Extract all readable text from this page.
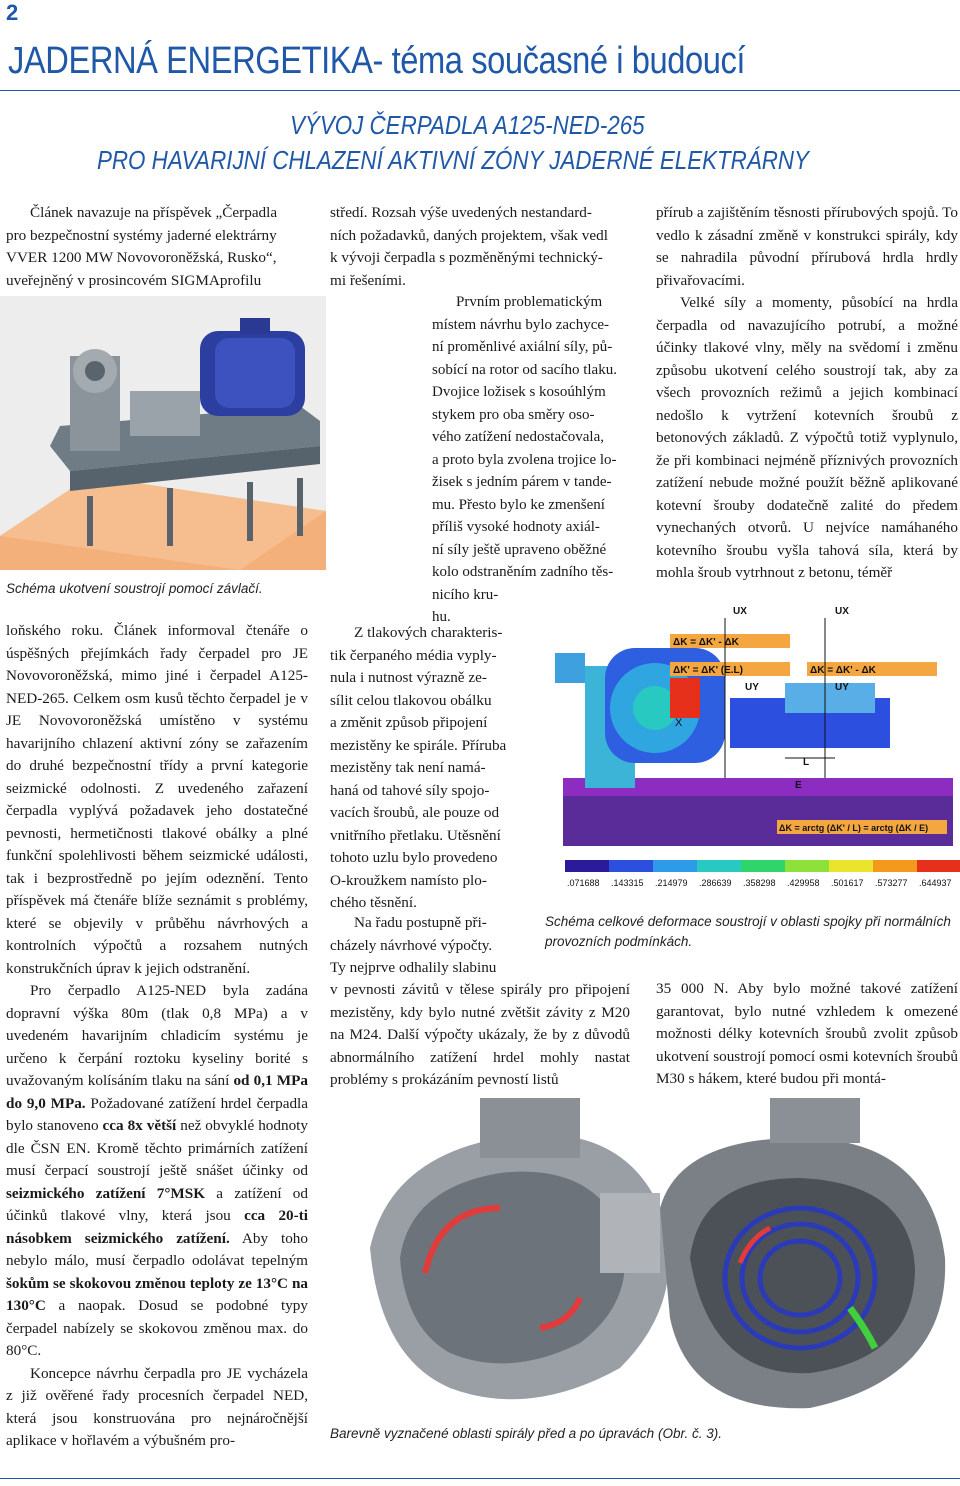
2
JADERNÁ ENERGETIKA- téma současné i budoucí
VÝVOJ ČERPADLA A125-NED-265
PRO HAVARIJNÍ CHLAZENÍ AKTIVNÍ ZÓNY JADERNÉ ELEKTRÁRNY
Článek navazuje na příspěvek „Čerpadla
pro bezpečnostní systémy jaderné elektrárny
VVER 1200 MW Novovoroněžská, Rusko“,
uveřejněný v prosincovém SIGMAprofilu
Schéma ukotvení soustrojí pomocí závlačí.

loňského roku. Článek informoval čtenáře o úspěšných přejímkách řady čerpadel pro JE Novovoroněžská, mimo jiné i čerpadel A125-NED-265. Celkem osm kusů těchto čerpadel je v JE Novovoroněžská umístěno v systému havarijního chlazení aktivní zóny se zařazením do druhé bezpečnostní třídy a první kategorie seizmické odolnosti. Z uvedeného zařazení čerpadla vyplývá požadavek jeho dostatečné pevnosti, hermetičnosti tlakové obálky a plné funkční spolehlivosti během seizmické události, tak i bezprostředně po jejím odeznění. Tento příspěvek má čtenáře blíže seznámit s problémy, které se objevily v průběhu návrhových a kontrolních výpočtů a rozsahem nutných konstrukčních úprav k jejich odstranění.

Pro čerpadlo A125-NED byla zadána dopravní výška 80m (tlak 0,8 MPa) a v uvedeném havarijním chladicím systému je určeno k čerpání roztoku kyseliny borité s uvažovaným kolísáním tlaku na sání od 0,1 MPa do 9,0 MPa. Požadované zatížení hrdel čerpadla bylo stanoveno cca 8x větší než obvyklé hodnoty dle ČSN EN. Kromě těchto primárních zatížení musí čerpací soustrojí ještě snášet účinky od seizmického zatížení 7°MSK a zatížení od účinků tlakové vlny, která jsou cca 20-ti násobkem seizmického zatížení. Aby toho nebylo málo, musí čerpadlo odolávat tepelným šokům se skokovou změnou teploty ze 13°C na 130°C a naopak. Dosud se podobné typy čerpadel nabízely se skokovou změnou max. do 80°C.

Koncepce návrhu čerpadla pro JE vycházela z již ověřené řady procesních čerpadel NED, která jsou konstruována pro nejnáročnější aplikace v hořlavém a výbušném pro-

středí. Rozsah výše uvedených nestandard-
ních požadavků, daných projektem, však vedl
k vývoji čerpadla s pozměněnými technický-
mi řešeními.
Prvním problematickým
místem návrhu bylo zachyce-
ní proměnlivé axiální síly, pů-
sobící na rotor od sacího tlaku.
Dvojice ložisek s kosoúhlým
stykem pro oba směry oso-
vého zatížení nedostačovala,
a proto byla zvolena trojice lo-
žisek s jedním párem v tande-
mu. Přesto bylo ke zmenšení
příliš vysoké hodnoty axiál-
ní síly ještě upraveno oběžné
kolo odstraněním zadního těs-
nicího kru-
hu.
Z tlakových charakteris-
tik čerpaného média vyply-
nula i nutnost výrazně ze-
sílit celou tlakovou obálku
a změnit způsob připojení
mezistěny ke spirále. Příruba
mezistěny tak není namá-
haná od tahové síly spojo-
vacích šroubů, ale pouze od
vnitřního přetlaku. Utěsnění
tohoto uzlu bylo provedeno
O-kroužkem namísto plo-
chého těsnění.
Na řadu postupně při-
cházely návrhové výpočty.
Ty nejprve odhalily slabinu
v pevnosti závitů v tělese spirály pro připojení mezistěny, kdy bylo nutné zvětšit závity z M20 na M24. Další výpočty ukázaly, že by z důvodů abnormálního zatížení hrdel mohly nastat problémy s prokázáním pevností listů

přírub a zajištěním těsnosti přírubových spojů. To vedlo k zásadní změně v konstrukci spirály, kdy se nahradila původní přírubová hrdla hrdly přivařovacími.

Velké síly a momenty, působící na hrdla čerpadla od navazujícího potrubí, a možné účinky tlakové vlny, měly na svědomí i změnu způsobu ukotvení celého soustrojí tak, aby za všech provozních režimů a jejich kombinací nedošlo k vytržení kotevních šroubů z betonových základů. Z výpočtů totiž vyplynulo, že při kombinaci nejméně příznivých provozních zatížení nebude možné použít běžně aplikované kotevní šrouby dodatečně zalité do předem vynechaných otvorů. U nejvíce namáhaného kotevního šroubu vyšla tahová síla, která by mohla šroub vytrhnout z betonu, téměř

X
UX	UX
ΔK = ΔK' - ΔK
ΔK' = ΔK' (E.L)	ΔK = ΔK' - ΔK
UY	UY
L
E
ΔK = arctg (ΔK' / L) = arctg (ΔK / E)
.071688 .143315 .214979 .286639 .358298 .429958 .501617 .573277 .644937
Schéma celkové deformace soustrojí v oblasti spojky při normálních provozních podmínkách.
35 000 N. Aby bylo možné takové zatížení garantovat, bylo nutné vzhledem k omezené možnosti délky kotevních šroubů zvolit způsob ukotvení soustrojí pomocí osmi kotevních šroubů M30 s hákem, které budou při montá-
Barevně vyznačené oblasti spirály před a po úpravách (Obr. č. 3).
